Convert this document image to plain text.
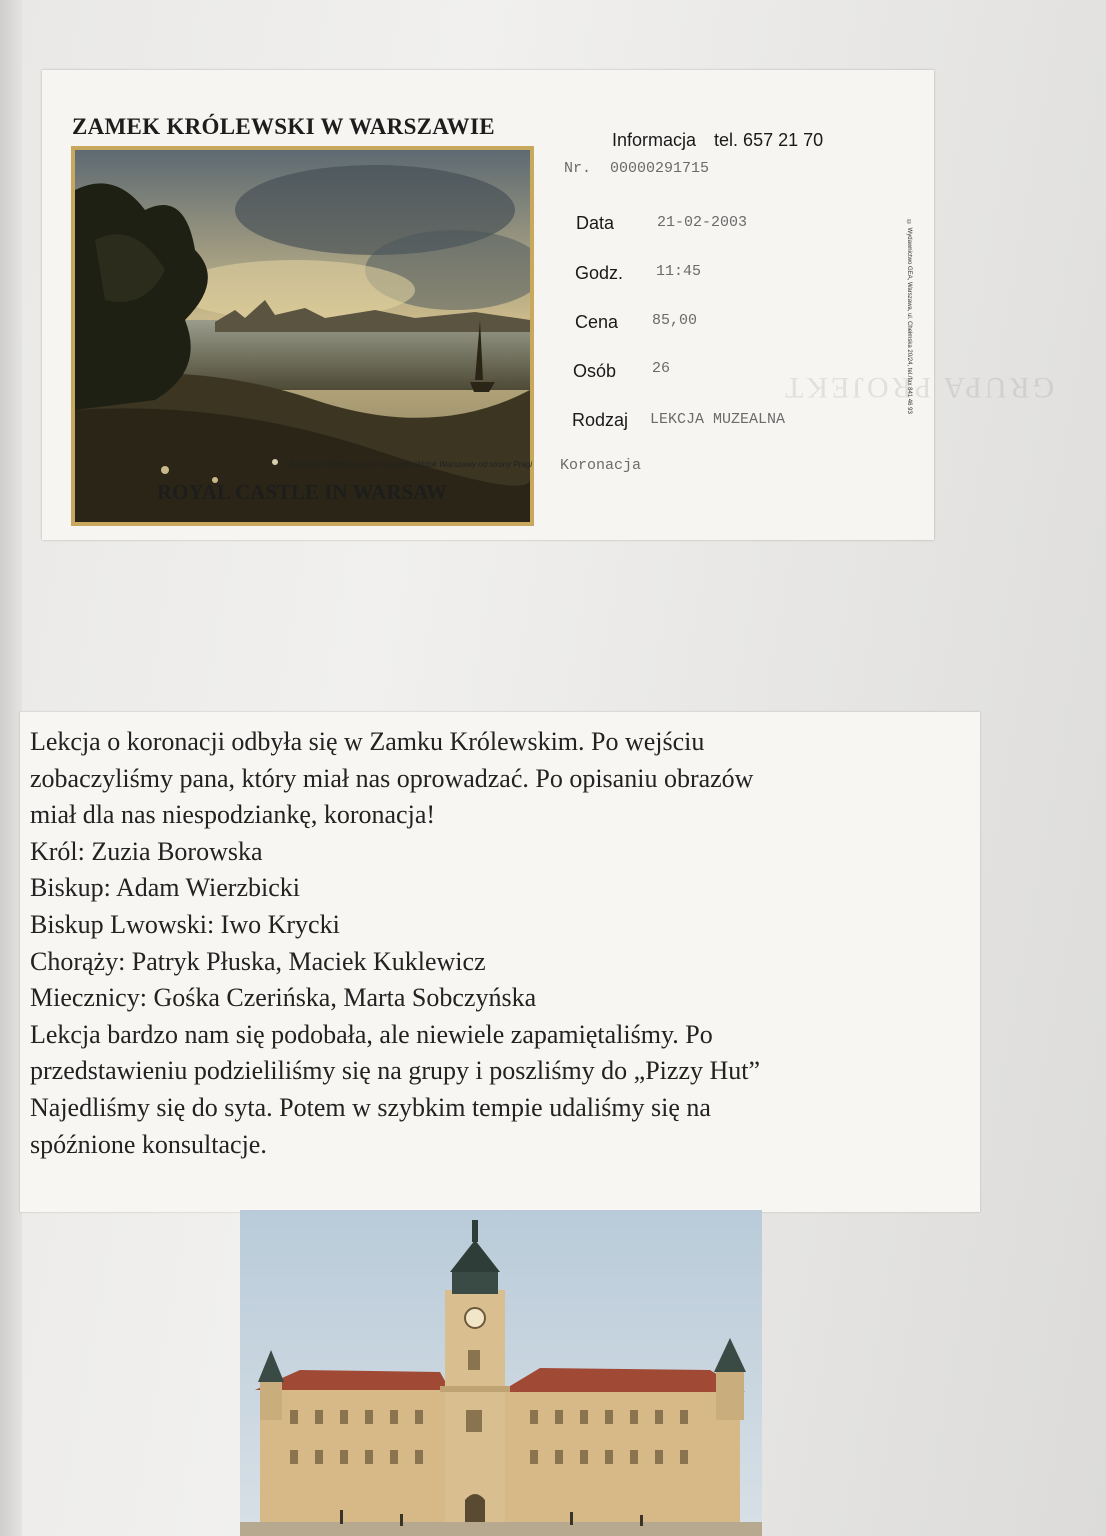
ZAMEK KRÓLEWSKI W WARSZAWIE
Bernardo Bellotto zwany Canaletto Widok Warszawy od strony Pragi
ROYAL CASTLE IN WARSAW
Informacja tel. 657 21 70
Nr. 00000291715
Data	21-02-2003
Godz. 11:45
Cena 85,00
Osób 26
Rodzaj LEKCJA MUZEALNA
Koronacja
© Wydawnictwo GEA, Warszawa, ul. Chełmska 20/24, tel./fax 841 46 93
GRUPA PROJEKT
Lekcja o koronacji odbyła się w Zamku Królewskim. Po wejściu
zobaczyliśmy pana, który miał nas oprowadzać. Po opisaniu obrazów
miał dla nas niespodziankę, koronacja!
Król: Zuzia Borowska
Biskup: Adam Wierzbicki
Biskup Lwowski: Iwo Krycki
Chorąży: Patryk Płuska, Maciek Kuklewicz
Miecznicy: Gośka Czerińska, Marta Sobczyńska
Lekcja bardzo nam się podobała, ale niewiele zapamiętaliśmy. Po
przedstawieniu podzieliliśmy się na grupy i poszliśmy do „Pizzy Hut”
Najedliśmy się do syta. Potem w szybkim tempie udaliśmy się na
spóźnione konsultacje.
